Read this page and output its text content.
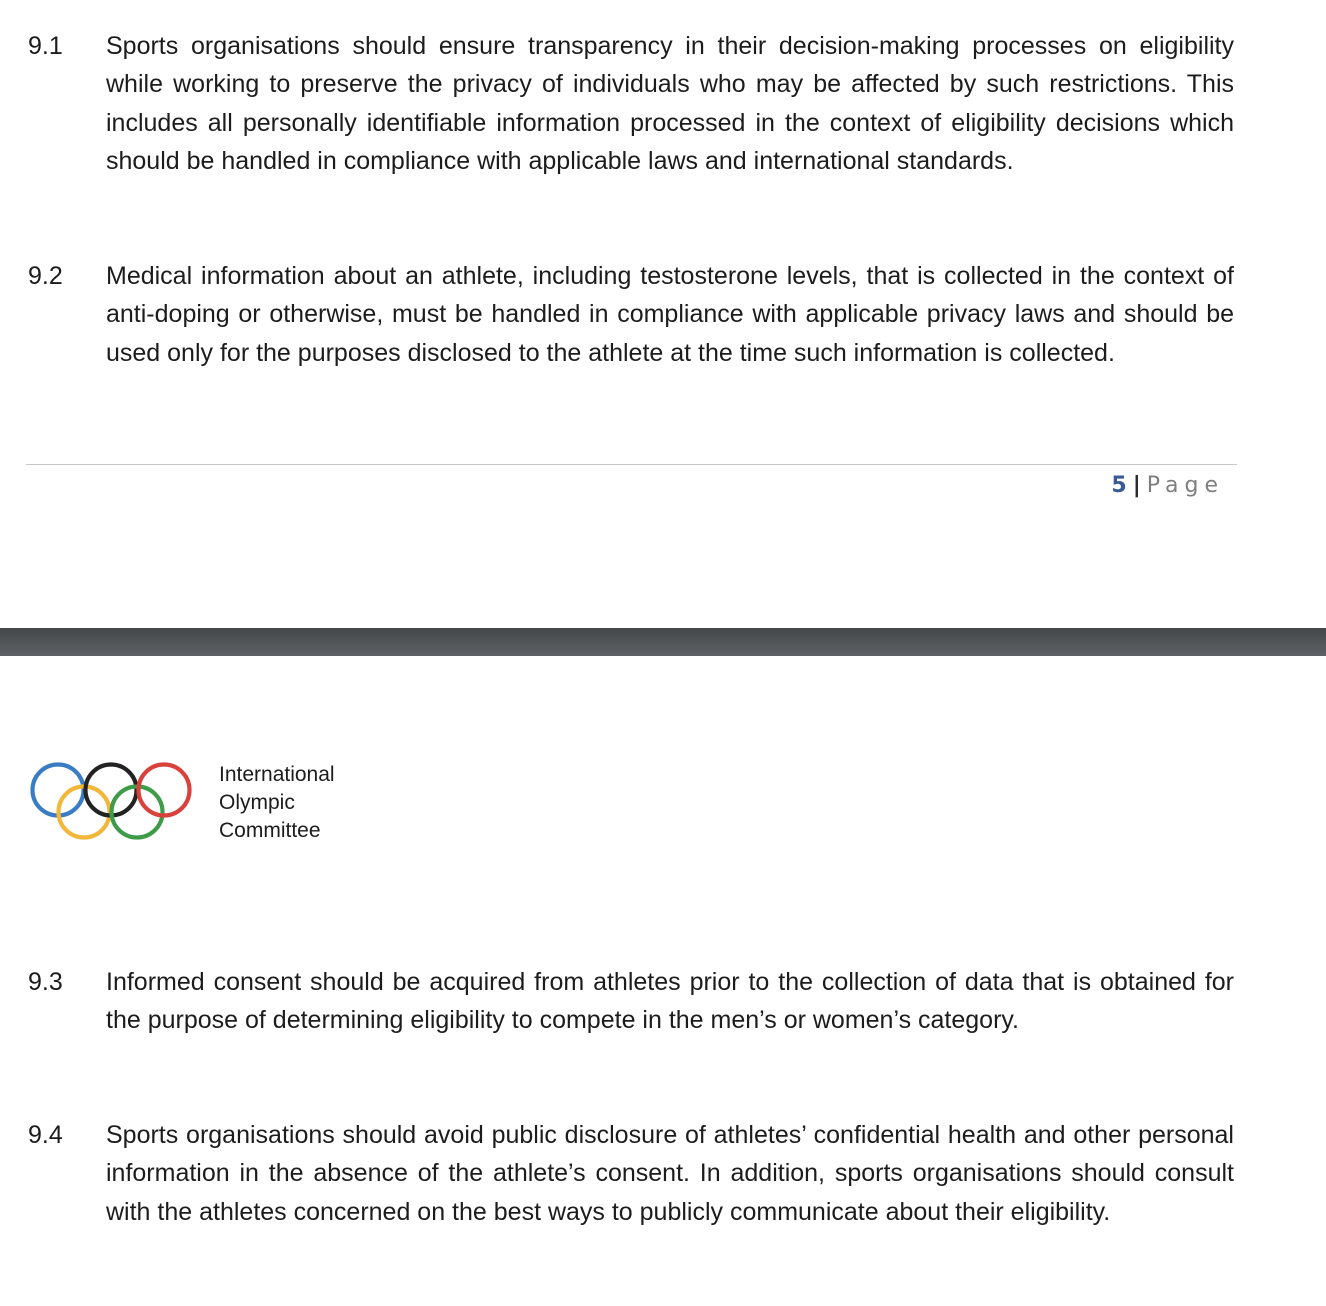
9.1 Sports organisations should ensure transparency in their decision-making processes on eligibility while working to preserve the privacy of individuals who may be affected by such restrictions. This includes all personally identifiable information processed in the context of eligibility decisions which should be handled in compliance with applicable laws and international standards.
9.2 Medical information about an athlete, including testosterone levels, that is collected in the context of anti-doping or otherwise, must be handled in compliance with applicable privacy laws and should be used only for the purposes disclosed to the athlete at the time such information is collected.
5 | Page
International
Olympic
Committee
9.3 Informed consent should be acquired from athletes prior to the collection of data that is obtained for the purpose of determining eligibility to compete in the men’s or women’s category.
9.4 Sports organisations should avoid public disclosure of athletes’ confidential health and other personal information in the absence of the athlete’s consent. In addition, sports organisations should consult with the athletes concerned on the best ways to publicly communicate about their eligibility.
